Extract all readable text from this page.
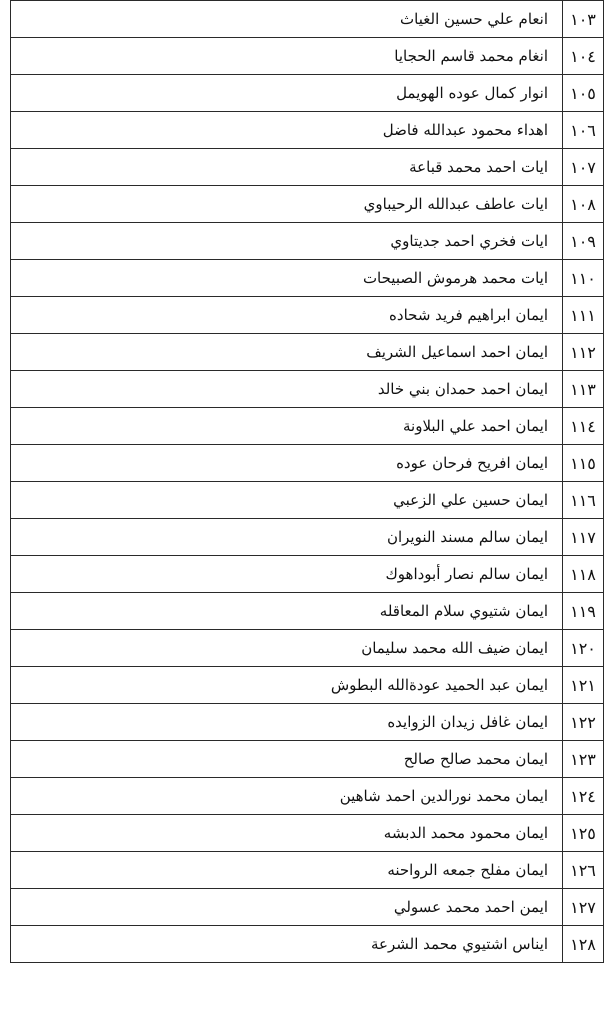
١٠٣	انعام علي حسين الغياث
١٠٤	انغام محمد قاسم الحجايا
١٠٥	انوار كمال عوده الهويمل
١٠٦	اهداء محمود عبدالله فاضل
١٠٧	ايات احمد محمد قباعة
١٠٨	ايات عاطف عبدالله الرحيباوي
١٠٩	ايات فخري احمد جديتاوي
١١٠	ايات محمد هرموش الصبيحات
١١١	ايمان ابراهيم فريد شحاده
١١٢	ايمان احمد اسماعيل الشريف
١١٣	ايمان احمد حمدان بني خالد
١١٤	ايمان احمد علي البلاونة
١١٥	ايمان افريح فرحان عوده
١١٦	ايمان حسين علي الزعبي
١١٧	ايمان سالم مسند النويران
١١٨	ايمان سالم نصار أبوداهوك
١١٩	ايمان شتيوي سلام المعاقله
١٢٠	ايمان ضيف الله محمد سليمان
١٢١	ايمان عبد الحميد عودةالله البطوش
١٢٢	ايمان غافل زيدان الزوايده
١٢٣	ايمان محمد صالح صالح
١٢٤	ايمان محمد نورالدين احمد شاهين
١٢٥	ايمان محمود محمد الدبشه
١٢٦	ايمان مفلح جمعه الرواحنه
١٢٧	ايمن احمد محمد عسولي
١٢٨	ايناس اشتيوي محمد الشرعة
